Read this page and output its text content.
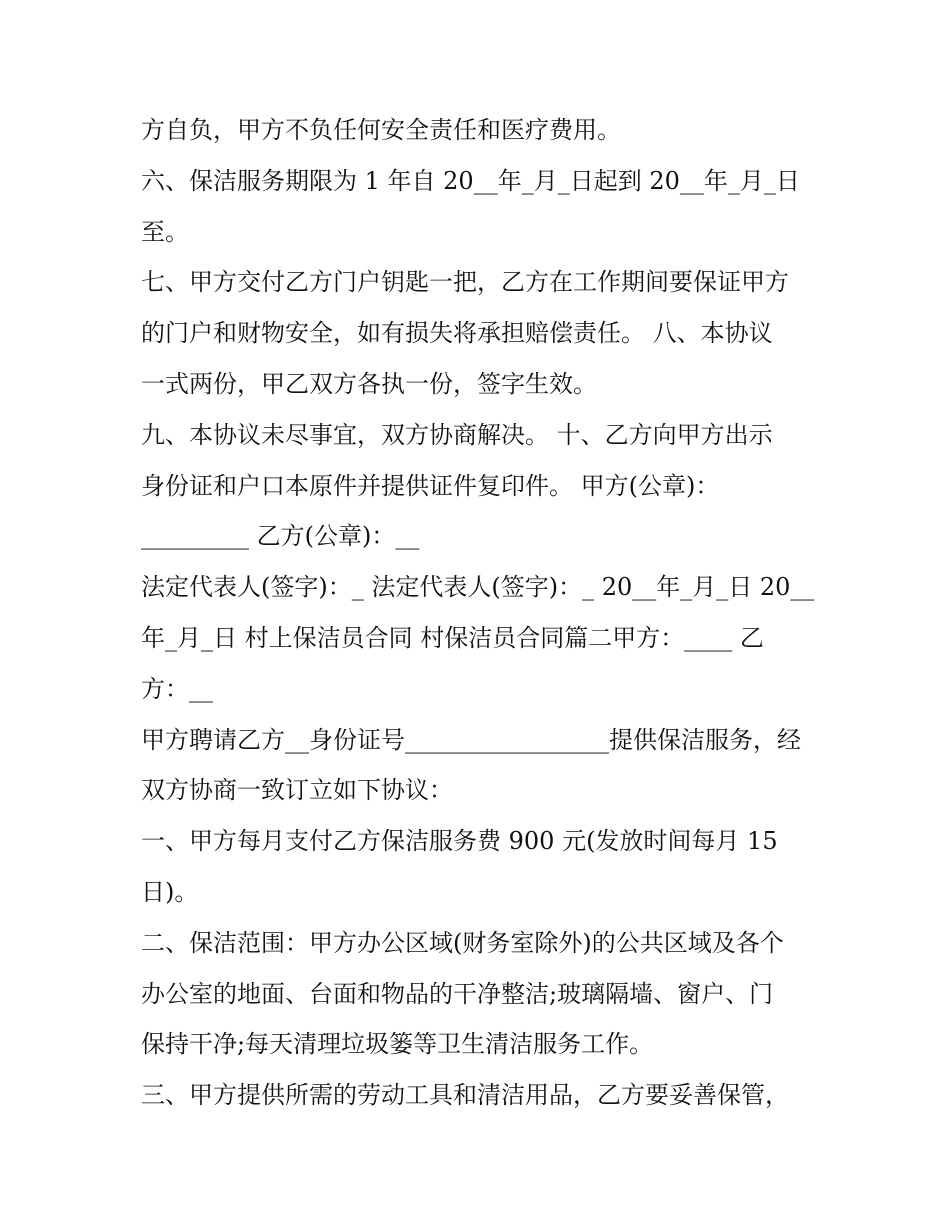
方自负，甲方不负任何安全责任和医疗费用。
六、保洁服务期限为 1 年自 20__年_月_日起到 20__年_月_日
至。
七、甲方交付乙方门户钥匙一把，乙方在工作期间要保证甲方
的门户和财物安全，如有损失将承担赔偿责任。 八、本协议
一式两份，甲乙双方各执一份，签字生效。
九、本协议未尽事宜，双方协商解决。 十、乙方向甲方出示
身份证和户口本原件并提供证件复印件。 甲方(公章)：
_________ 乙方(公章)：__
法定代表人(签字)：_ 法定代表人(签字)：_ 20__年_月_日 20__
年_月_日 村上保洁员合同 村保洁员合同篇二甲方：____ 乙
方：__
甲方聘请乙方__身份证号_________________提供保洁服务，经
双方协商一致订立如下协议：
一、甲方每月支付乙方保洁服务费 900 元(发放时间每月 15
日)。
二、保洁范围：甲方办公区域(财务室除外)的公共区域及各个
办公室的地面、台面和物品的干净整洁;玻璃隔墙、窗户、门
保持干净;每天清理垃圾篓等卫生清洁服务工作。
三、甲方提供所需的劳动工具和清洁用品，乙方要妥善保管，
